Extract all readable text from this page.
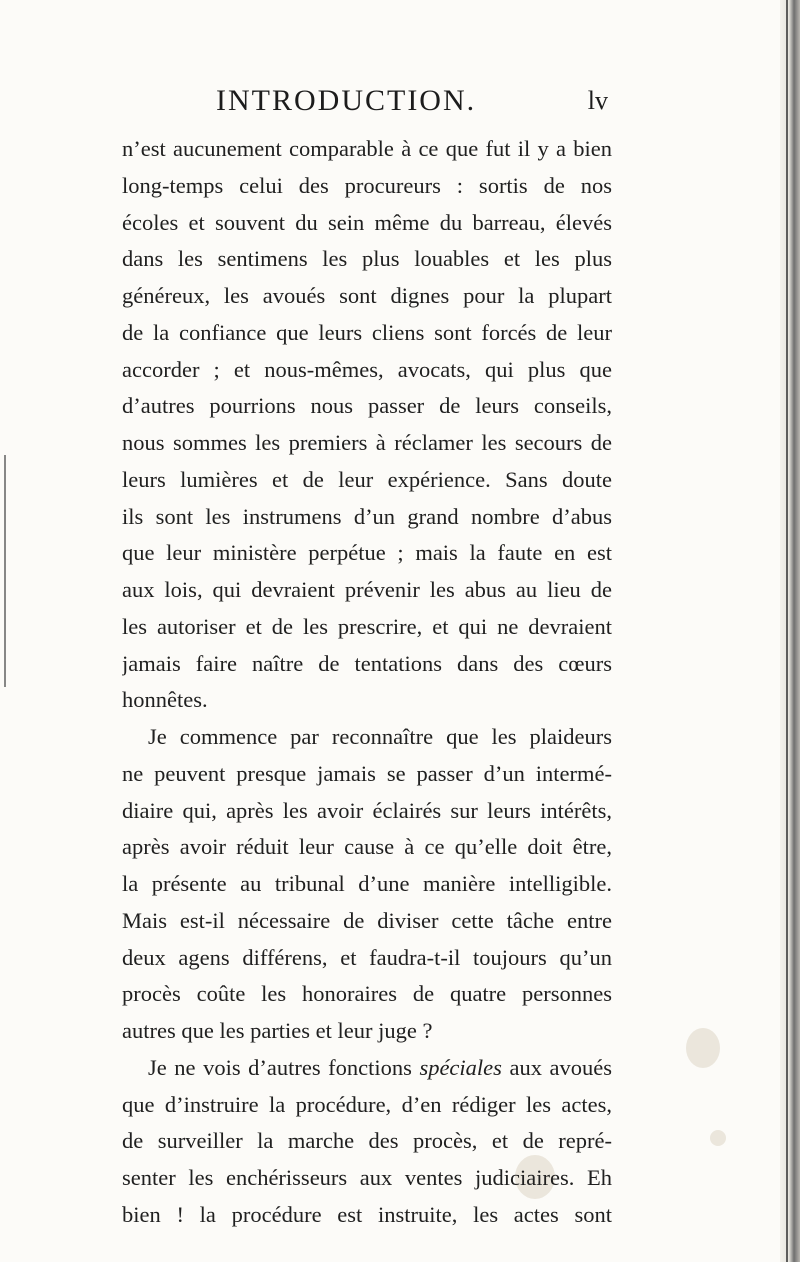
INTRODUCTION.	lv
n’est aucunement comparable à ce que fut il y a bien
long-temps celui des procureurs : sortis de nos
écoles et souvent du sein même du barreau, élevés
dans les sentimens les plus louables et les plus
généreux, les avoués sont dignes pour la plupart
de la confiance que leurs cliens sont forcés de leur
accorder ; et nous-mêmes, avocats, qui plus que
d’autres pourrions nous passer de leurs conseils,
nous sommes les premiers à réclamer les secours de
leurs lumières et de leur expérience. Sans doute
ils sont les instrumens d’un grand nombre d’abus
que leur ministère perpétue ; mais la faute en est
aux lois, qui devraient prévenir les abus au lieu de
les autoriser et de les prescrire, et qui ne devraient
jamais faire naître de tentations dans des cœurs
honnêtes.
Je commence par reconnaître que les plaideurs
ne peuvent presque jamais se passer d’un intermé-
diaire qui, après les avoir éclairés sur leurs intérêts,
après avoir réduit leur cause à ce qu’elle doit être,
la présente au tribunal d’une manière intelligible.
Mais est-il nécessaire de diviser cette tâche entre
deux agens différens, et faudra-t-il toujours qu’un
procès coûte les honoraires de quatre personnes
autres que les parties et leur juge ?
Je ne vois d’autres fonctions spéciales aux avoués
que d’instruire la procédure, d’en rédiger les actes,
de surveiller la marche des procès, et de repré-
senter les enchérisseurs aux ventes judiciaires. Eh
bien ! la procédure est instruite, les actes sont
